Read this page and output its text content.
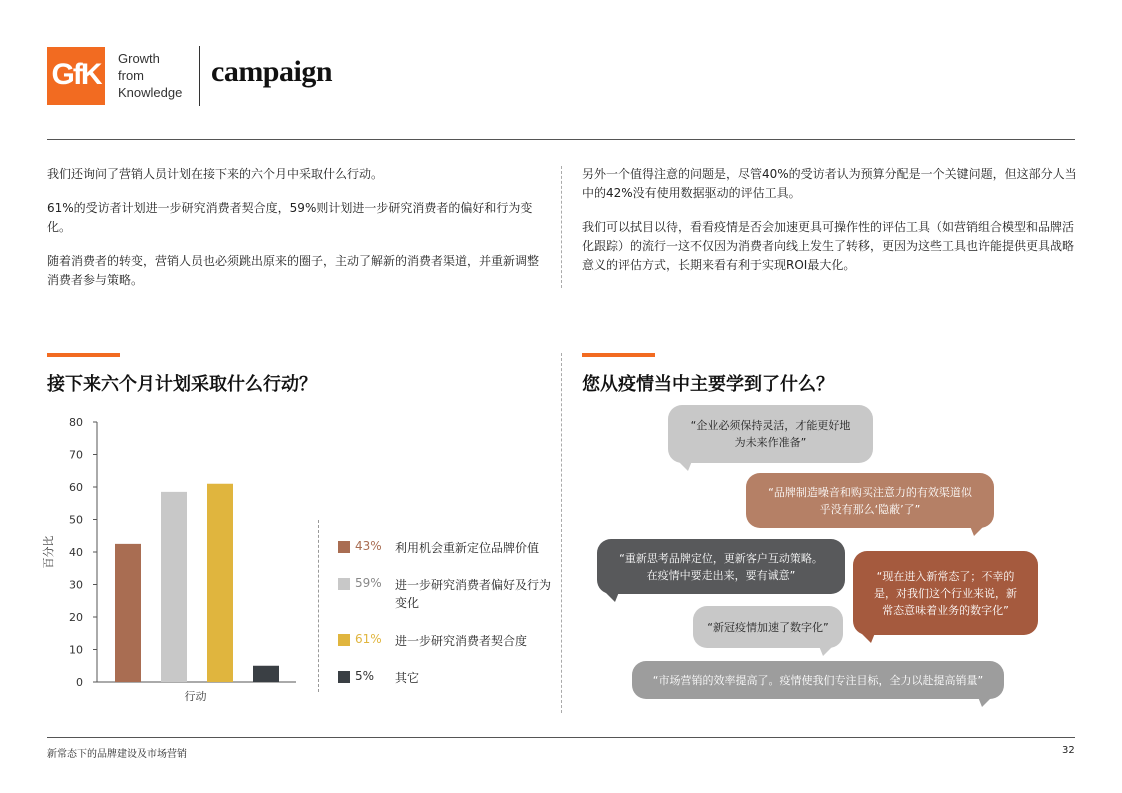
GfK	Growth
from
Knowledge
campaign

我们还询问了营销人员计划在接下来的六个月中采取什么行动。

61%的受访者计划进一步研究消费者契合度，59%则计划进一步研究消费者的偏好和行为变化。

随着消费者的转变，营销人员也必须跳出原来的圈子，主动了解新的消费者渠道，并重新调整消费者参与策略。

另外一个值得注意的问题是，尽管40%的受访者认为预算分配是一个关键问题，但这部分人当中的42%没有使用数据驱动的评估工具。

我们可以拭目以待，看看疫情是否会加速更具可操作性的评估工具（如营销组合模型和品牌活化跟踪）的流行一这不仅因为消费者向线上发生了转移，更因为这些工具也许能提供更具战略意义的评估方式，长期来看有利于实现ROI最大化。

接下来六个月计划采取什么行动？	您从疫情当中主要学到了什么？
0
10
20
30
40
50
60
70
80
百分比
行动
43%	利用机会重新定位品牌价值
59%	进一步研究消费者偏好及行为变化
61%	进一步研究消费者契合度
5%	其它
“企业必须保持灵活，才能更好地为未来作准备”
“品牌制造噪音和购买注意力的有效渠道似乎没有那么‘隐蔽’了”
“重新思考品牌定位，更新客户互动策略。在疫情中要走出来，要有诚意”	“现在进入新常态了；不幸的是，对我们这个行业来说，新常态意味着业务的数字化”
“新冠疫情加速了数字化”
“市场营销的效率提高了。疫情使我们专注目标，全力以赴提高销量”
新常态下的品牌建设及市场营销	32
